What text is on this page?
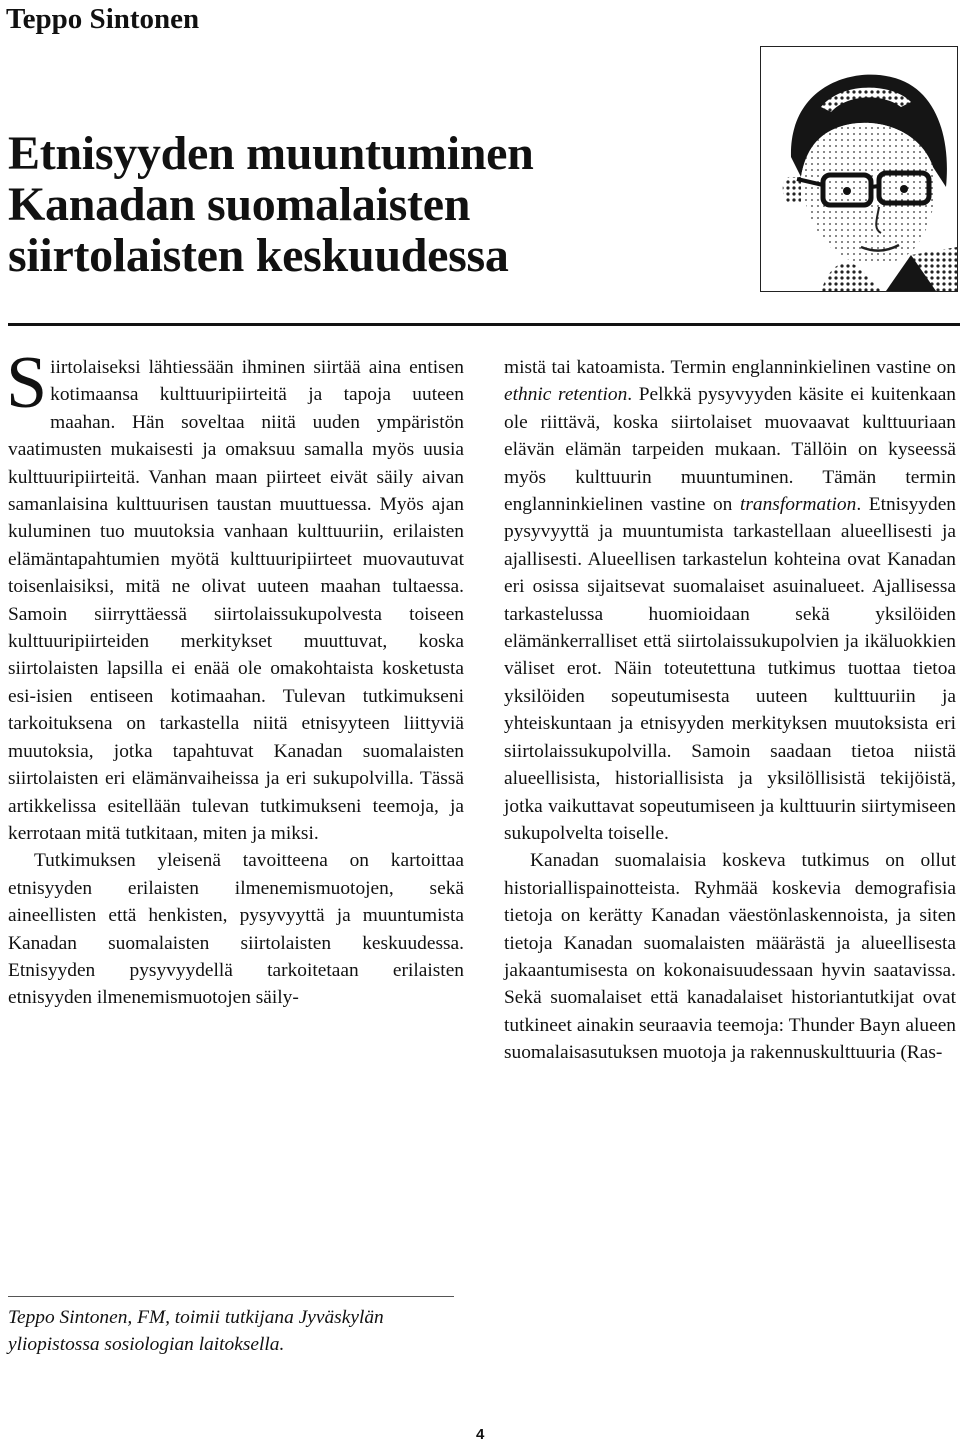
Teppo Sintonen
Etnisyyden muuntuminen
Kanadan suomalaisten
siirtolaisten keskuudessa

Siirtolaiseksi lähtiessään ihminen siirtää aina entisen kotimaansa kulttuuripiirteitä ja tapoja uuteen maahan. Hän soveltaa niitä uuden ympäristön vaatimusten mukaisesti ja omaksuu samalla myös uusia kulttuuripiirteitä. Vanhan maan piirteet eivät säily aivan samanlaisina kulttuurisen taustan muuttuessa. Myös ajan kuluminen tuo muutoksia vanhaan kulttuuriin, erilaisten elämäntapahtumien myötä kulttuuripiirteet muovautuvat toisenlaisiksi, mitä ne olivat uuteen maahan tultaessa. Samoin siirryttäessä siirtolaissukupolvesta toiseen kulttuuripiirteiden merkitykset muuttuvat, koska siirtolaisten lapsilla ei enää ole omakohtaista kosketusta esi-isien entiseen kotimaahan. Tulevan tutkimukseni tarkoituksena on tarkastella niitä etnisyyteen liittyviä muutoksia, jotka tapahtuvat Kanadan suomalaisten siirtolaisten eri elämänvaiheissa ja eri sukupolvilla. Tässä artikkelissa esitellään tulevan tutkimukseni teemoja, ja kerrotaan mitä tutkitaan, miten ja miksi.

Tutkimuksen yleisenä tavoitteena on kartoittaa etnisyyden erilaisten ilmenemismuotojen, sekä aineellisten että henkisten, pysyvyyttä ja muuntumista Kanadan suomalaisten siirtolaisten keskuudessa. Etnisyyden pysyvyydellä tarkoitetaan erilaisten etnisyyden ilmenemismuotojen säily-

mistä tai katoamista. Termin englanninkielinen vastine on ethnic retention. Pelkkä pysyvyyden käsite ei kuitenkaan ole riittävä, koska siirtolaiset muovaavat kulttuuriaan elävän elämän tarpeiden mukaan. Tällöin on kyseessä myös kulttuurin muuntuminen. Tämän termin englanninkielinen vastine on transformation. Etnisyyden pysyvyyttä ja muuntumista tarkastellaan alueellisesti ja ajallisesti. Alueellisen tarkastelun kohteina ovat Kanadan eri osissa sijaitsevat suomalaiset asuinalueet. Ajallisessa tarkastelussa huomioidaan sekä yksilöiden elämänkerralliset että siirtolaissukupolvien ja ikäluokkien väliset erot. Näin toteutettuna tutkimus tuottaa tietoa yksilöiden sopeutumisesta uuteen kulttuuriin ja yhteiskuntaan ja etnisyyden merkityksen muutoksista eri siirtolaissukupolvilla. Samoin saadaan tietoa niistä alueellisista, historiallisista ja yksilöllisistä tekijöistä, jotka vaikuttavat sopeutumiseen ja kulttuurin siirtymiseen sukupolvelta toiselle.

Kanadan suomalaisia koskeva tutkimus on ollut historiallispainotteista. Ryhmää koskevia demografisia tietoja on kerätty Kanadan väestönlaskennoista, ja siten tietoja Kanadan suomalaisten määrästä ja alueellisesta jakaantumisesta on kokonaisuudessaan hyvin saatavissa. Sekä suomalaiset että kanadalaiset historiantutkijat ovat tutkineet ainakin seuraavia teemoja: Thunder Bayn alueen suomalaisasutuksen muotoja ja rakennuskulttuuria (Ras-

Teppo Sintonen, FM, toimii tutkijana Jyväskylän yliopistossa sosiologian laitoksella.

4
